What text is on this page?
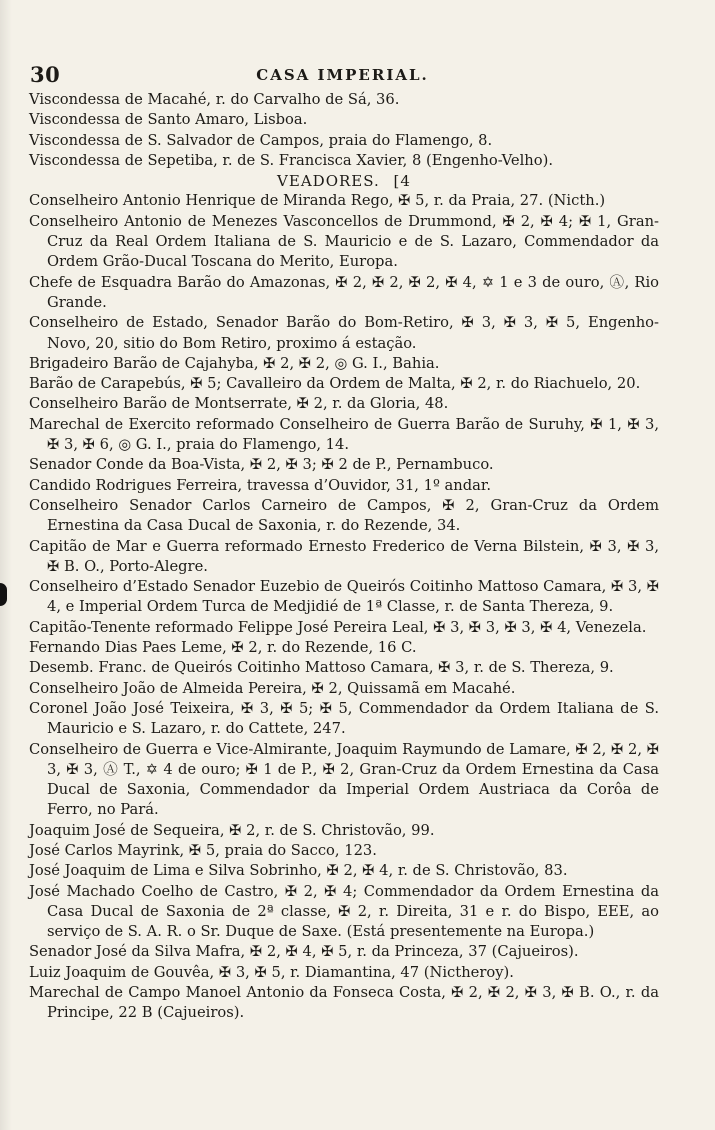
30	CASA IMPERIAL.
Viscondessa de Macahé, r. do Carvalho de Sá, 36.
Viscondessa de Santo Amaro, Lisboa.
Viscondessa de S. Salvador de Campos, praia do Flamengo, 8.
Viscondessa de Sepetiba, r. de S. Francisca Xavier, 8 (Engenho-Velho).
VEADORES. [4
Conselheiro Antonio Henrique de Miranda Rego, ✠ 5, r. da Praia, 27. (Nicth.)
Conselheiro Antonio de Menezes Vasconcellos de Drummond, ✠ 2, ✠ 4; ✠ 1, Gran-Cruz da Real Ordem Italiana de S. Mauricio e de S. Lazaro, Commendador da Ordem Grão-Ducal Toscana do Merito, Europa.
Chefe de Esquadra Barão do Amazonas, ✠ 2, ✠ 2, ✠ 2, ✠ 4, ✡ 1 e 3 de ouro, Ⓐ, Rio Grande.
Conselheiro de Estado, Senador Barão do Bom-Retiro, ✠ 3, ✠ 3, ✠ 5, Engenho-Novo, 20, sitio do Bom Retiro, proximo á estação.
Brigadeiro Barão de Cajahyba, ✠ 2, ✠ 2, ◎ G. I., Bahia.
Barão de Carapebús, ✠ 5; Cavalleiro da Ordem de Malta, ✠ 2, r. do Riachuelo, 20.
Conselheiro Barão de Montserrate, ✠ 2, r. da Gloria, 48.
Marechal de Exercito reformado Conselheiro de Guerra Barão de Suruhy, ✠ 1, ✠ 3, ✠ 3, ✠ 6, ◎ G. I., praia do Flamengo, 14.
Senador Conde da Boa-Vista, ✠ 2, ✠ 3; ✠ 2 de P., Pernambuco.
Candido Rodrigues Ferreira, travessa d’Ouvidor, 31, 1º andar.
Conselheiro Senador Carlos Carneiro de Campos, ✠ 2, Gran-Cruz da Ordem Ernestina da Casa Ducal de Saxonia, r. do Rezende, 34.
Capitão de Mar e Guerra reformado Ernesto Frederico de Verna Bilstein, ✠ 3, ✠ 3, ✠ B. O., Porto-Alegre.
Conselheiro d’Estado Senador Euzebio de Queirós Coitinho Mattoso Camara, ✠ 3, ✠ 4, e Imperial Ordem Turca de Medjidié de 1ª Classe, r. de Santa Thereza, 9.
Capitão-Tenente reformado Felippe José Pereira Leal, ✠ 3, ✠ 3, ✠ 3, ✠ 4, Venezela.
Fernando Dias Paes Leme, ✠ 2, r. do Rezende, 16 C.
Desemb. Franc. de Queirós Coitinho Mattoso Camara, ✠ 3, r. de S. Thereza, 9.
Conselheiro João de Almeida Pereira, ✠ 2, Quissamã em Macahé.
Coronel João José Teixeira, ✠ 3, ✠ 5; ✠ 5, Commendador da Ordem Italiana de S. Mauricio e S. Lazaro, r. do Cattete, 247.
Conselheiro de Guerra e Vice-Almirante, Joaquim Raymundo de Lamare, ✠ 2, ✠ 2, ✠ 3, ✠ 3, Ⓐ T., ✡ 4 de ouro; ✠ 1 de P., ✠ 2, Gran-Cruz da Ordem Ernestina da Casa Ducal de Saxonia, Commendador da Imperial Ordem Austriaca da Corôa de Ferro, no Pará.
Joaquim José de Sequeira, ✠ 2, r. de S. Christovão, 99.
José Carlos Mayrink, ✠ 5, praia do Sacco, 123.
José Joaquim de Lima e Silva Sobrinho, ✠ 2, ✠ 4, r. de S. Christovão, 83.
José Machado Coelho de Castro, ✠ 2, ✠ 4; Commendador da Ordem Ernestina da Casa Ducal de Saxonia de 2ª classe, ✠ 2, r. Direita, 31 e r. do Bispo, EEE, ao serviço de S. A. R. o Sr. Duque de Saxe. (Está presentemente na Europa.)
Senador José da Silva Mafra, ✠ 2, ✠ 4, ✠ 5, r. da Princeza, 37 (Cajueiros).
Luiz Joaquim de Gouvêa, ✠ 3, ✠ 5, r. Diamantina, 47 (Nictheroy).
Marechal de Campo Manoel Antonio da Fonseca Costa, ✠ 2, ✠ 2, ✠ 3, ✠ B. O., r. da Principe, 22 B (Cajueiros).
